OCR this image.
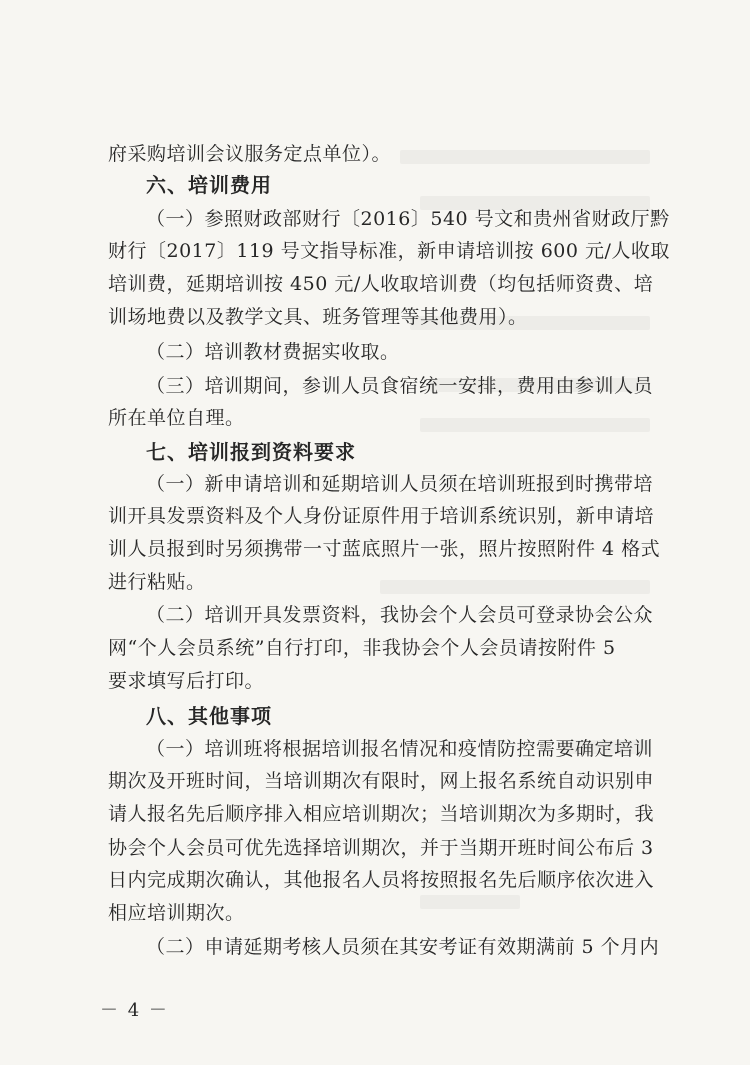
府采购培训会议服务定点单位）。
六、培训费用
（一）参照财政部财行〔2016〕540 号文和贵州省财政厅黔
财行〔2017〕119 号文指导标准，新申请培训按 600 元/人收取
培训费，延期培训按 450 元/人收取培训费（均包括师资费、培
训场地费以及教学文具、班务管理等其他费用）。
（二）培训教材费据实收取。
（三）培训期间，参训人员食宿统一安排，费用由参训人员
所在单位自理。
七、培训报到资料要求
（一）新申请培训和延期培训人员须在培训班报到时携带培
训开具发票资料及个人身份证原件用于培训系统识别，新申请培
训人员报到时另须携带一寸蓝底照片一张，照片按照附件 4 格式
进行粘贴。
（二）培训开具发票资料，我协会个人会员可登录协会公众
网“个人会员系统”自行打印，非我协会个人会员请按附件 5
要求填写后打印。
八、其他事项
（一）培训班将根据培训报名情况和疫情防控需要确定培训
期次及开班时间，当培训期次有限时，网上报名系统自动识别申
请人报名先后顺序排入相应培训期次；当培训期次为多期时，我
协会个人会员可优先选择培训期次，并于当期开班时间公布后 3
日内完成期次确认，其他报名人员将按照报名先后顺序依次进入
相应培训期次。
（二）申请延期考核人员须在其安考证有效期满前 5 个月内
－ 4 －
